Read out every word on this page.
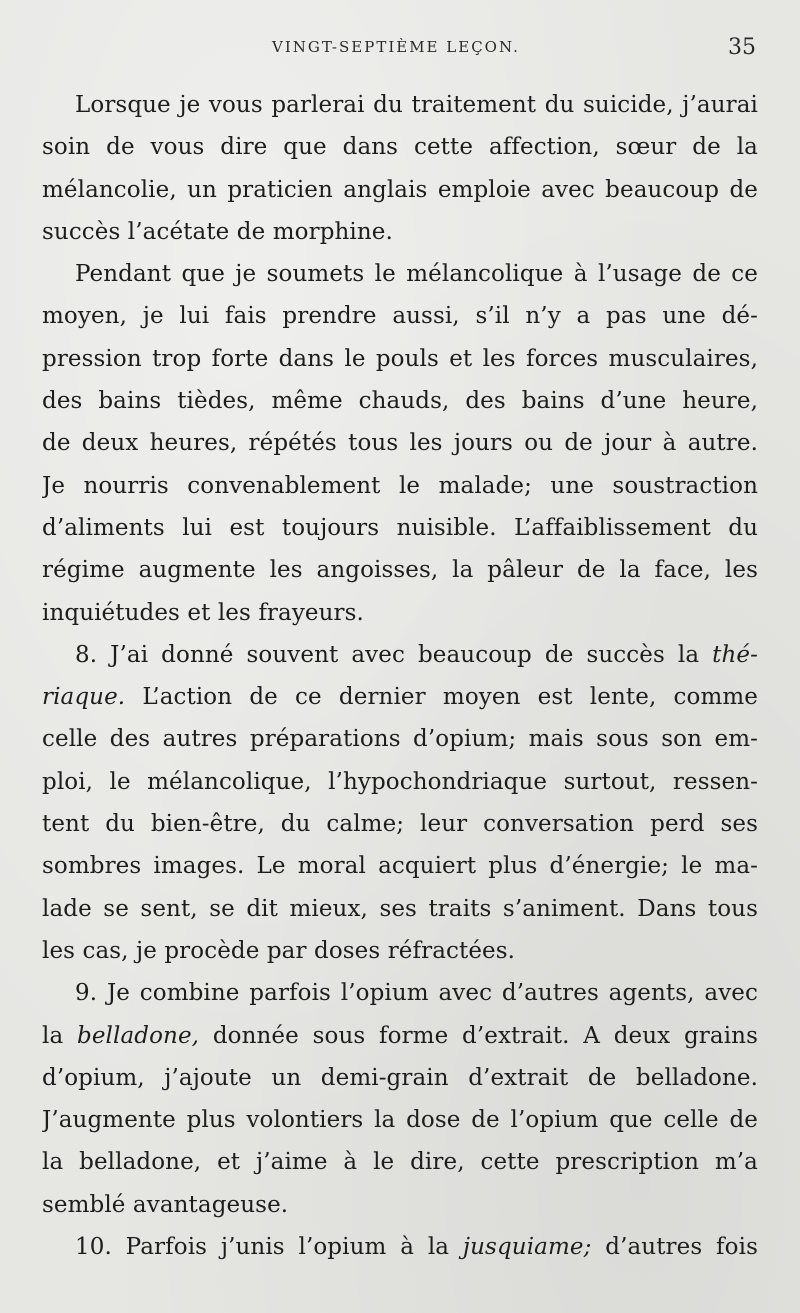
VINGT-SEPTIÈME LEÇON.	35
Lorsque je vous parlerai du traitement du suicide, j’aurai
soin de vous dire que dans cette affection, sœur de la
mélancolie, un praticien anglais emploie avec beaucoup de
succès l’acétate de morphine.
Pendant que je soumets le mélancolique à l’usage de ce
moyen, je lui fais prendre aussi, s’il n’y a pas une dé-
pression trop forte dans le pouls et les forces musculaires,
des bains tièdes, même chauds, des bains d’une heure,
de deux heures, répétés tous les jours ou de jour à autre.
Je nourris convenablement le malade; une soustraction
d’aliments lui est toujours nuisible. L’affaiblissement du
régime augmente les angoisses, la pâleur de la face, les
inquiétudes et les frayeurs.
8. J’ai donné souvent avec beaucoup de succès la thé-
riaque. L’action de ce dernier moyen est lente, comme
celle des autres préparations d’opium; mais sous son em-
ploi, le mélancolique, l’hypochondriaque surtout, ressen-
tent du bien-être, du calme; leur conversation perd ses
sombres images. Le moral acquiert plus d’énergie; le ma-
lade se sent, se dit mieux, ses traits s’animent. Dans tous
les cas, je procède par doses réfractées.
9. Je combine parfois l’opium avec d’autres agents, avec
la belladone, donnée sous forme d’extrait. A deux grains
d’opium, j’ajoute un demi-grain d’extrait de belladone.
J’augmente plus volontiers la dose de l’opium que celle de
la belladone, et j’aime à le dire, cette prescription m’a
semblé avantageuse.
10. Parfois j’unis l’opium à la jusquiame; d’autres fois
